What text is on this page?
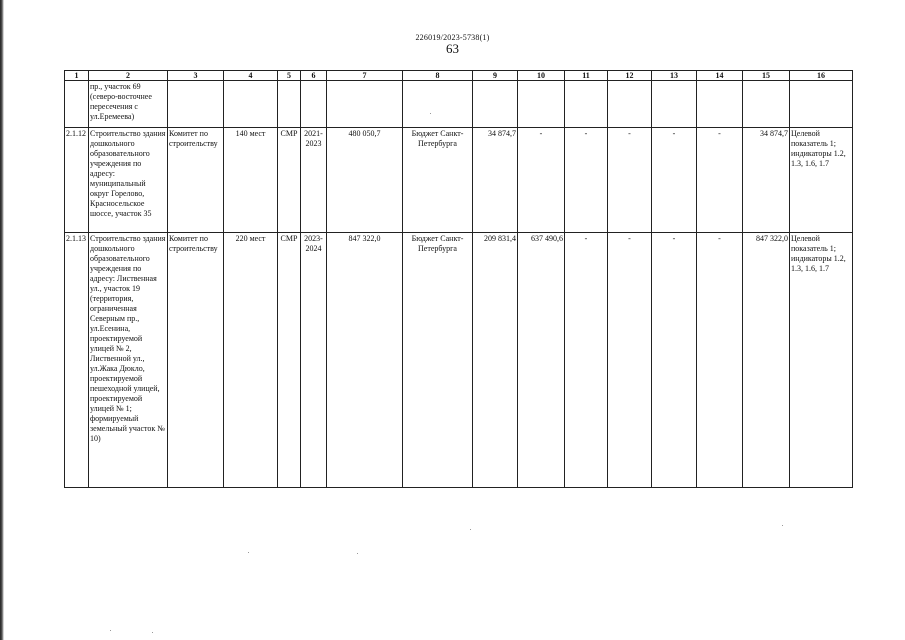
226019/2023-5738(1)
63
1	2	3	4	5	6	7	8	9	10	11	12	13	14	15	16
	пр., участок 69 (северо-восточнее пересечения с ул.Еремеева)														
2.1.12	Строительство здания дошкольного образовательного учреждения по адресу: муниципальный округ Горелово, Красносельское шоссе, участок 35	Комитет по строительству	140 мест	СМР	2021-2023	480 050,7	Бюджет Санкт-Петербурга	34 874,7	-	-	-	-	-	34 874,7	Целевой показатель 1; индикаторы 1.2, 1.3, 1.6, 1.7
2.1.13	Строительство здания дошкольного образовательного учреждения по адресу: Лиственная ул., участок 19 (территория, ограниченная Северным пр., ул.Есенина, проектируемой улицей № 2, Лиственной ул., ул.Жака Дюкло, проектируемой пешеходной улицей, проектируемой улицей № 1; формируемый земельный участок № 10)	Комитет по строительству	220 мест	СМР	2023-2024	847 322,0	Бюджет Санкт-Петербурга	209 831,4	637 490,6	-	-	-	-	847 322,0	Целевой показатель 1; индикаторы 1.2, 1.3, 1.6, 1.7
